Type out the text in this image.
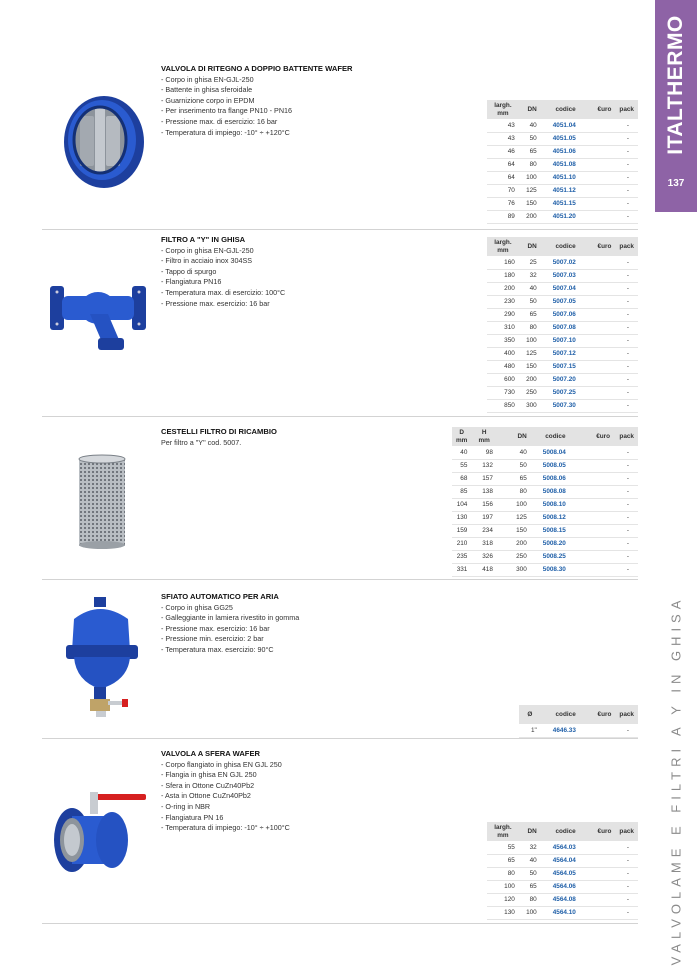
ITALTHERMO
137
VALVOLAME E FILTRI A Y IN GHISA
VALVOLA DI RITEGNO A DOPPIO BATTENTE WAFER
- Corpo in ghisa EN-GJL-250
- Battente in ghisa sferoidale
- Guarnizione corpo in EPDM
- Per inserimento tra flange PN10 - PN16
- Pressione max. di esercizio: 16 bar
- Temperatura di impiego: -10° ÷ +120°C
largh.
mm	DN	codice	€uro	pack
43	40	4051.04		-
43	50	4051.05		-
46	65	4051.06		-
64	80	4051.08		-
64	100	4051.10		-
70	125	4051.12		-
76	150	4051.15		-
89	200	4051.20		-
FILTRO A "Y" IN GHISA
- Corpo in ghisa EN-GJL-250
- Filtro in acciaio inox 304SS
- Tappo di spurgo
- Flangiatura PN16
- Temperatura max. di esercizio: 100°C
- Pressione max. esercizio: 16 bar
largh.
mm	DN	codice	€uro	pack
160	25	5007.02		-
180	32	5007.03		-
200	40	5007.04		-
230	50	5007.05		-
290	65	5007.06		-
310	80	5007.08		-
350	100	5007.10		-
400	125	5007.12		-
480	150	5007.15		-
600	200	5007.20		-
730	250	5007.25		-
850	300	5007.30		-
CESTELLI FILTRO DI RICAMBIO
Per filtro a "Y" cod. 5007.
D
mm	H
mm	DN	codice	€uro	pack
40	98	40	5008.04		-
55	132	50	5008.05		-
68	157	65	5008.06		-
85	138	80	5008.08		-
104	156	100	5008.10		-
130	197	125	5008.12		-
159	234	150	5008.15		-
210	318	200	5008.20		-
235	326	250	5008.25		-
331	418	300	5008.30		-
SFIATO AUTOMATICO PER ARIA
- Corpo in ghisa GG25
- Galleggiante in lamiera rivestito in gomma
- Pressione max. esercizio: 16 bar
- Pressione min. esercizio: 2 bar
- Temperatura max. esercizio: 90°C
Ø	codice	€uro	pack
1"	4646.33		-
VALVOLA A SFERA WAFER
- Corpo flangiato in ghisa EN GJL 250
- Flangia in ghisa EN GJL 250
- Sfera in Ottone CuZn40Pb2
- Asta in Ottone CuZn40Pb2
- O-ring in NBR
- Flangiatura PN 16
- Temperatura di impiego: -10° ÷ +100°C	largh.
mm	DN	codice	€uro	pack
55	32	4564.03		-
65	40	4564.04		-
80	50	4564.05		-
100	65	4564.06		-
120	80	4564.08		-
130	100	4564.10		-
